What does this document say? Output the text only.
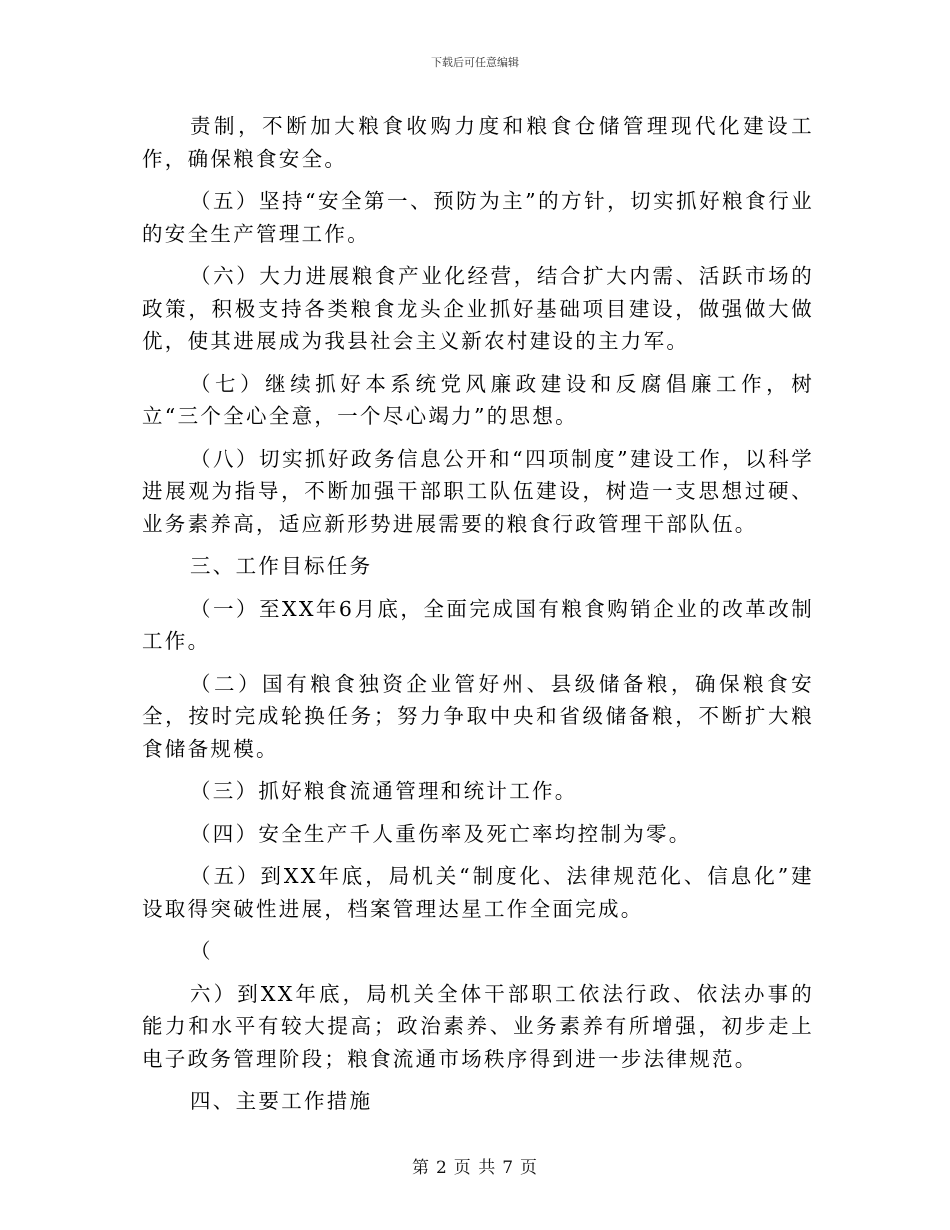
下载后可任意编辑

责制，不断加大粮食收购力度和粮食仓储管理现代化建设工作，确保粮食安全。

（五）坚持“安全第一、预防为主”的方针，切实抓好粮食行业的安全生产管理工作。

（六）大力进展粮食产业化经营，结合扩大内需、活跃市场的政策，积极支持各类粮食龙头企业抓好基础项目建设，做强做大做优，使其进展成为我县社会主义新农村建设的主力军。

（七）继续抓好本系统党风廉政建设和反腐倡廉工作，树立“三个全心全意，一个尽心竭力”的思想。

（八）切实抓好政务信息公开和“四项制度”建设工作，以科学进展观为指导，不断加强干部职工队伍建设，树造一支思想过硬、业务素养高，适应新形势进展需要的粮食行政管理干部队伍。

三、工作目标任务

（一）至XX年6月底，全面完成国有粮食购销企业的改革改制工作。

（二）国有粮食独资企业管好州、县级储备粮，确保粮食安全，按时完成轮换任务；努力争取中央和省级储备粮，不断扩大粮食储备规模。

（三）抓好粮食流通管理和统计工作。

（四）安全生产千人重伤率及死亡率均控制为零。

（五）到XX年底，局机关“制度化、法律规范化、信息化”建设取得突破性进展，档案管理达星工作全面完成。

（

六）到XX年底，局机关全体干部职工依法行政、依法办事的能力和水平有较大提高；政治素养、业务素养有所增强，初步走上电子政务管理阶段；粮食流通市场秩序得到进一步法律规范。

四、主要工作措施

第 2 页 共 7 页
